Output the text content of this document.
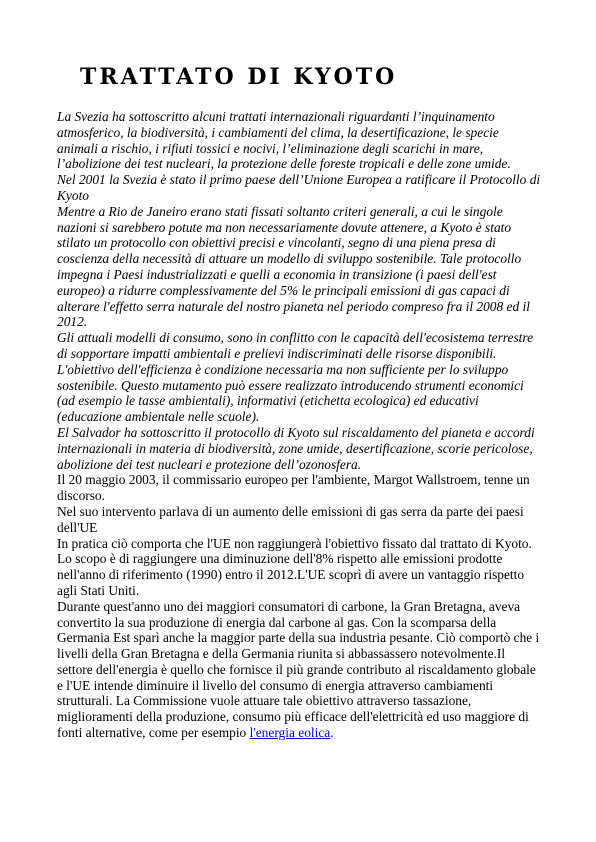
TRATTATO DI KYOTO

La Svezia ha sottoscritto alcuni trattati internazionali riguardanti l’inquinamento atmosferico, la biodiversità, i cambiamenti del clima, la desertificazione, le specie animali a rischio, i rifiuti tossici e nocivi, l’eliminazione degli scarichi in mare, l’abolizione dei test nucleari, la protezione delle foreste tropicali e delle zone umide.

Nel 2001 la Svezia è stato il primo paese dell’Unione Europea a ratificare il Protocollo di Kyoto

Mentre a Rio de Janeiro erano stati fissati soltanto criteri generali, a cui le singole nazioni si sarebbero potute ma non necessariamente dovute attenere, a Kyoto è stato stilato un protocollo con obiettivi precisi e vincolanti, segno di una piena presa di coscienza della necessità di attuare un modello di sviluppo sostenibile. Tale protocollo impegna i Paesi industrializzati e quelli a economia in transizione (i paesi dell'est europeo) a ridurre complessivamente del 5% le principali emissioni di gas capaci di alterare l'effetto serra naturale del nostro pianeta nel periodo compreso fra il 2008 ed il 2012.

Gli attuali modelli di consumo, sono in conflitto con le capacità dell'ecosistema terrestre di sopportare impatti ambientali e prelievi indiscriminati delle risorse disponibili. L'obiettivo dell'efficienza è condizione necessaria ma non sufficiente per lo sviluppo sostenibile. Questo mutamento può essere realizzato introducendo strumenti economici (ad esempio le tasse ambientali), informativi (etichetta ecologica) ed educativi (educazione ambientale nelle scuole).

El Salvador ha sottoscritto il protocollo di Kyoto sul riscaldamento del pianeta e accordi internazionali in materia di biodiversità, zone umide, desertificazione, scorie pericolose, abolizione dei test nucleari e protezione dell’ozonosfera.

Il 20 maggio 2003, il commissario europeo per l'ambiente, Margot Wallstroem, tenne un discorso.

Nel suo intervento parlava di un aumento delle emissioni di gas serra da parte dei paesi dell'UE

In pratica ciò comporta che l'UE non raggiungerà l'obiettivo fissato dal trattato di Kyoto.

Lo scopo è di raggiungere una diminuzione dell'8% rispetto alle emissioni prodotte nell'anno di riferimento (1990) entro il 2012.L'UE scoprì di avere un vantaggio rispetto agli Stati Uniti.

Durante quest'anno uno dei maggiori consumatori di carbone, la Gran Bretagna, aveva convertito la sua produzione di energia dal carbone al gas. Con la scomparsa della Germania Est sparì anche la maggior parte della sua industria pesante. Ciò comportò che i livelli della Gran Bretagna e della Germania riunita si abbassassero notevolmente.Il settore dell'energia è quello che fornisce il più grande contributo al riscaldamento globale e l'UE intende diminuire il livello del consumo di energia attraverso cambiamenti strutturali. La Commissione vuole attuare tale obiettivo attraverso tassazione, miglioramenti della produzione, consumo più efficace dell'elettricità ed uso maggiore di fonti alternative, come per esempio l'energia eolica.
